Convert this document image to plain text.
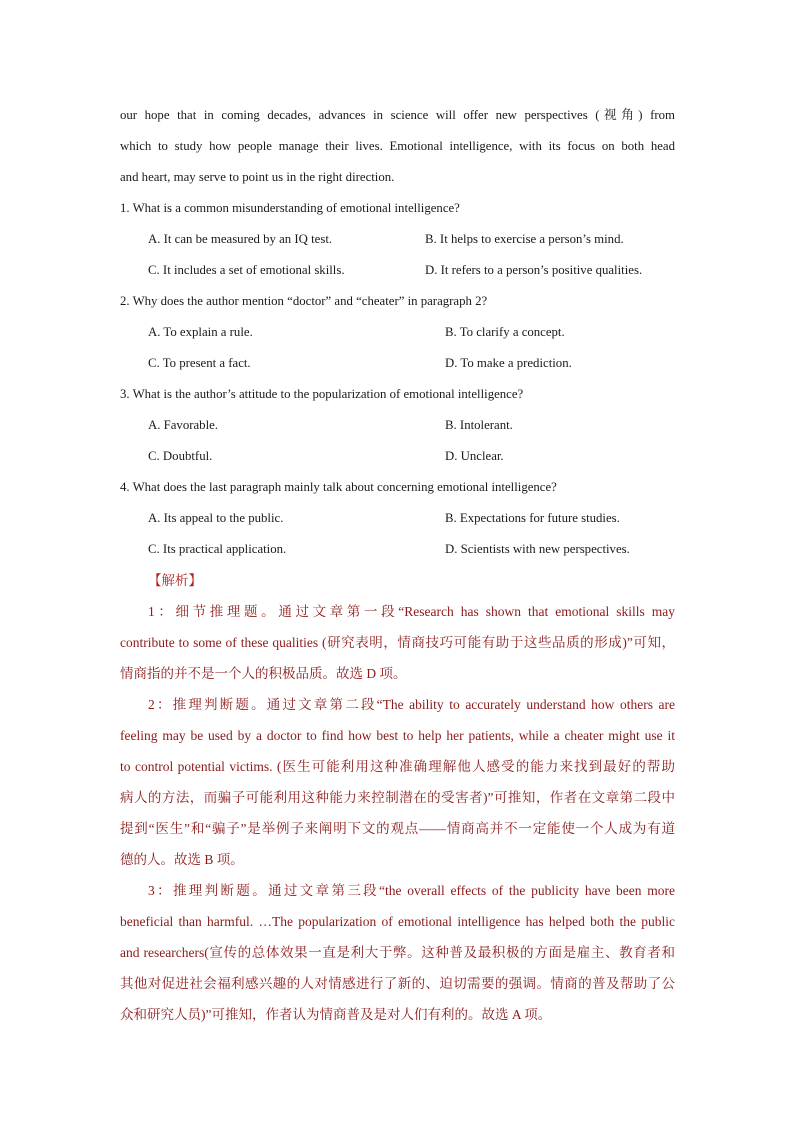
our hope that in coming decades, advances in science will offer new perspectives (视角) from
which to study how people manage their lives. Emotional intelligence, with its focus on both head
and heart, may serve to point us in the right direction.
1. What is a common misunderstanding of emotional intelligence?
A. It can be measured by an IQ test.	B. It helps to exercise a person’s mind.
C. It includes a set of emotional skills.	D. It refers to a person’s positive qualities.
2. Why does the author mention “doctor” and “cheater” in paragraph 2?
A. To explain a rule.	B. To clarify a concept.
C. To present a fact.	D. To make a prediction.
3. What is the author’s attitude to the popularization of emotional intelligence?
A. Favorable.	B. Intolerant.
C. Doubtful.	D. Unclear.
4. What does the last paragraph mainly talk about concerning emotional intelligence?
A. Its appeal to the public.	B. Expectations for future studies.
C. Its practical application.	D. Scientists with new perspectives.
【解析】
1：细节推理题。通过文章第一段“Research has shown that emotional skills may
contribute to some of these qualities (研究表明，情商技巧可能有助于这些品质的形成)”可知，
情商指的并不是一个人的积极品质。故选 D 项。
2：推理判断题。通过文章第二段“The ability to accurately understand how others are
feeling may be used by a doctor to find how best to help her patients, while a cheater might use it
to control potential victims. (医生可能利用这种准确理解他人感受的能力来找到最好的帮助
病人的方法，而骗子可能利用这种能力来控制潜在的受害者)”可推知，作者在文章第二段中
提到“医生”和“骗子”是举例子来阐明下文的观点——情商高并不一定能使一个人成为有道
德的人。故选 B 项。
3：推理判断题。通过文章第三段“the overall effects of the publicity have been more
beneficial than harmful. …The popularization of emotional intelligence has helped both the public
and researchers(宣传的总体效果一直是利大于弊。这种普及最积极的方面是雇主、教育者和
其他对促进社会福利感兴趣的人对情感进行了新的、迫切需要的强调。情商的普及帮助了公
众和研究人员)”可推知，作者认为情商普及是对人们有利的。故选 A 项。
